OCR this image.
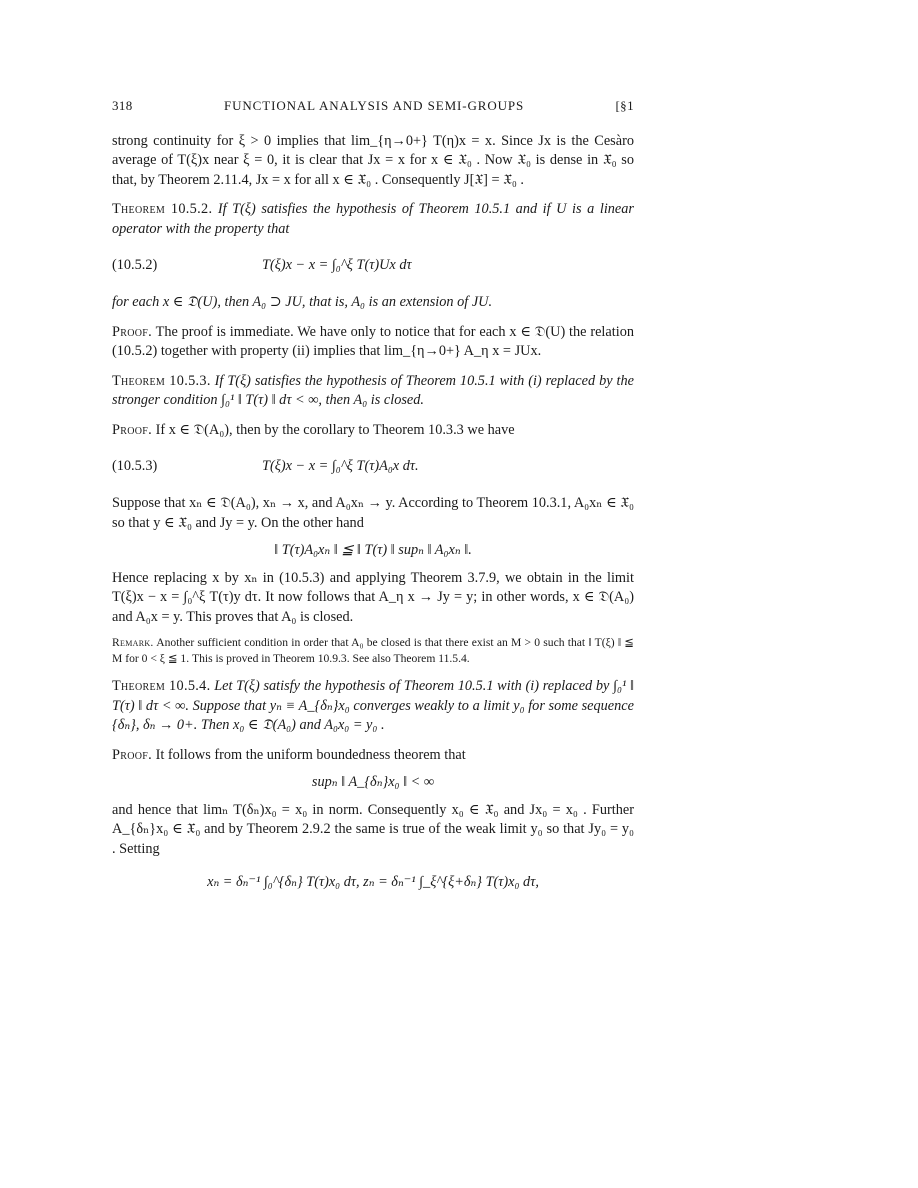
318	FUNCTIONAL ANALYSIS AND SEMI-GROUPS	[§1

strong continuity for ξ > 0 implies that lim_{η→0+} T(η)x = x. Since Jx is the Cesàro average of T(ξ)x near ξ = 0, it is clear that Jx = x for x ∈ 𝔛₀ . Now 𝔛₀ is dense in 𝔛̄₀ so that, by Theorem 2.11.4, Jx = x for all x ∈ 𝔛̄₀ . Consequently J[𝔛] = 𝔛̄₀ .

Theorem 10.5.2. If T(ξ) satisfies the hypothesis of Theorem 10.5.1 and if U is a linear operator with the property that

(10.5.2)	T(ξ)x − x = ∫₀^ξ T(τ)Ux dτ

for each x ∈ 𝔇(U), then A₀ ⊃ JU, that is, A₀ is an extension of JU.

Proof. The proof is immediate. We have only to notice that for each x ∈ 𝔇(U) the relation (10.5.2) together with property (ii) implies that lim_{η→0+} A_η x = JUx.

Theorem 10.5.3. If T(ξ) satisfies the hypothesis of Theorem 10.5.1 with (i) replaced by the stronger condition ∫₀¹ ‖ T(τ) ‖ dτ < ∞, then A₀ is closed.

Proof. If x ∈ 𝔇(A₀), then by the corollary to Theorem 10.3.3 we have

(10.5.3)	T(ξ)x − x = ∫₀^ξ T(τ)A₀x dτ.

Suppose that xₙ ∈ 𝔇(A₀), xₙ → x, and A₀xₙ → y. According to Theorem 10.3.1, A₀xₙ ∈ 𝔛̄₀ so that y ∈ 𝔛̄₀ and Jy = y. On the other hand

‖ T(τ)A₀xₙ ‖ ≦ ‖ T(τ) ‖ supₙ ‖ A₀xₙ ‖.

Hence replacing x by xₙ in (10.5.3) and applying Theorem 3.7.9, we obtain in the limit T(ξ)x − x = ∫₀^ξ T(τ)y dτ. It now follows that A_η x → Jy = y; in other words, x ∈ 𝔇(A₀) and A₀x = y. This proves that A₀ is closed.

Remark. Another sufficient condition in order that A₀ be closed is that there exist an M > 0 such that ‖ T(ξ) ‖ ≦ M for 0 < ξ ≦ 1. This is proved in Theorem 10.9.3. See also Theorem 11.5.4.

Theorem 10.5.4. Let T(ξ) satisfy the hypothesis of Theorem 10.5.1 with (i) replaced by ∫₀¹ ‖ T(τ) ‖ dτ < ∞. Suppose that yₙ ≡ A_{δₙ}x₀ converges weakly to a limit y₀ for some sequence {δₙ}, δₙ → 0+. Then x₀ ∈ 𝔇(A₀) and A₀x₀ = y₀ .

Proof. It follows from the uniform boundedness theorem that

supₙ ‖ A_{δₙ}x₀ ‖ < ∞

and hence that limₙ T(δₙ)x₀ = x₀ in norm. Consequently x₀ ∈ 𝔛̄₀ and Jx₀ = x₀ . Further A_{δₙ}x₀ ∈ 𝔛̄₀ and by Theorem 2.9.2 the same is true of the weak limit y₀ so that Jy₀ = y₀ . Setting

xₙ = δₙ⁻¹ ∫₀^{δₙ} T(τ)x₀ dτ, zₙ = δₙ⁻¹ ∫_ξ^{ξ+δₙ} T(τ)x₀ dτ,
